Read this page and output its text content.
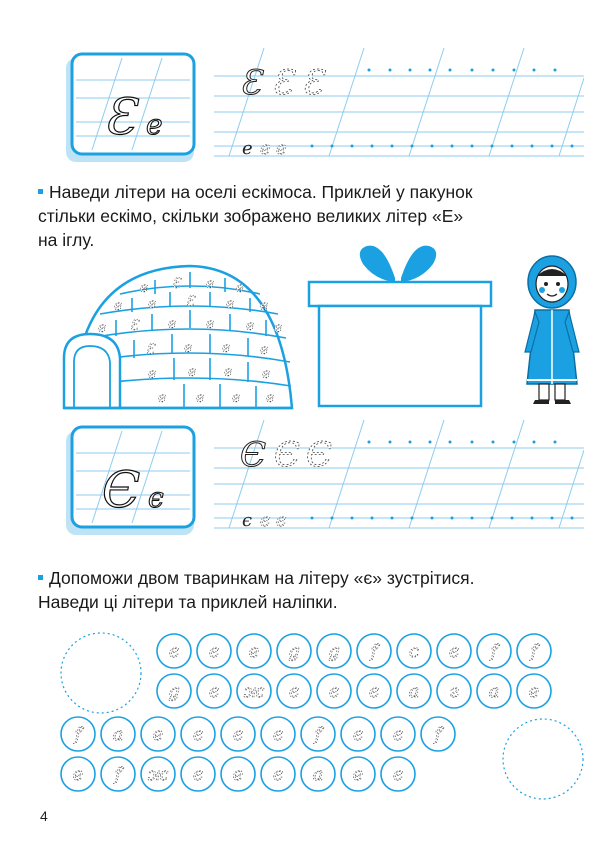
Ɛ e
Ɛ Ɛ Ɛ
e e e
Наведи літери на оселі ескімоса. Приклей у пакунок
стільки ескімо, скільки зображено великих літер «Е»
на іглу.
e Ɛ e e
e e Ɛ e e
e Ɛ e e e e
Ɛ e e e
e e e e
e e e e
Є є
Є Є Є
є є є
Допоможи двом тваринкам на літеру «є» зустрітися.
Наведи ці літери та приклей наліпки.
є є е g g f с є f f
g є ж є є є а г а е
f а е є є є f є є f
е f ж є е є а е є
4
